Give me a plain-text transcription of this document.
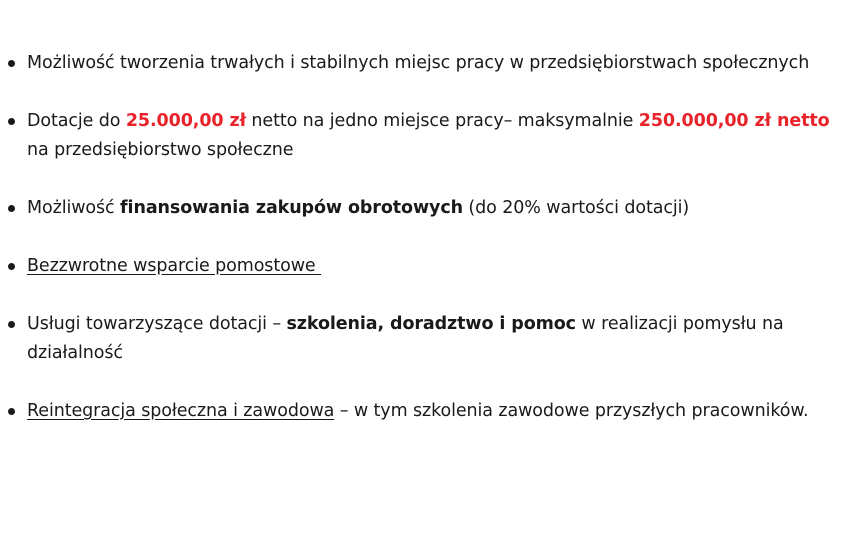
Możliwość tworzenia trwałych i stabilnych miejsc pracy w przedsiębiorstwach społecznych
Dotacje do 25.000,00 zł netto na jedno miejsce pracy– maksymalnie 250.000,00 zł netto na przedsiębiorstwo społeczne
Możliwość finansowania zakupów obrotowych (do 20% wartości dotacji)
Bezzwrotne wsparcie pomostowe
Usługi towarzyszące dotacji – szkolenia, doradztwo i pomoc w realizacji pomysłu na działalność
Reintegracja społeczna i zawodowa – w tym szkolenia zawodowe przyszłych pracowników.
